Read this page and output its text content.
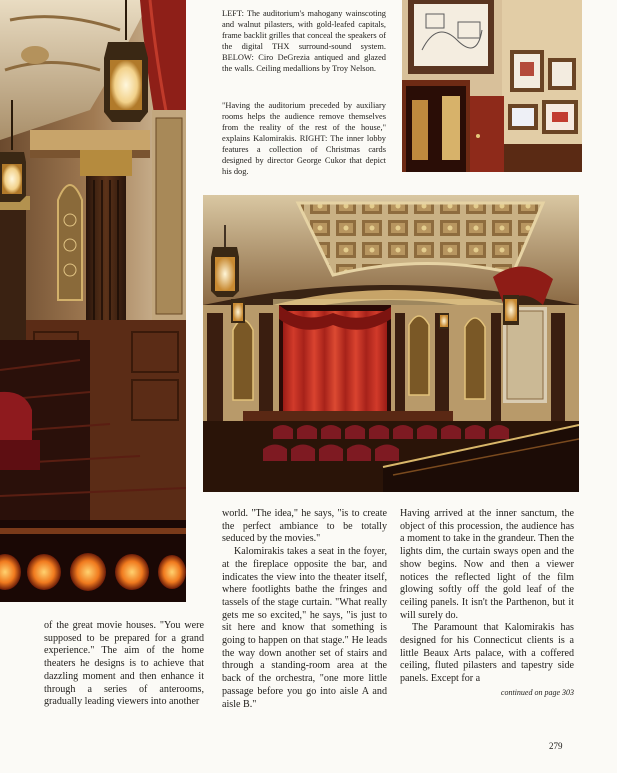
LEFT: The auditorium's mahogany wainscoting and walnut pilasters, with gold-leafed capitals, frame backlit grilles that conceal the speakers of the digital THX surround-sound system. BELOW: Ciro DeGrezia antiqued and glazed the walls. Ceiling medallions by Troy Nelson.

"Having the auditorium preceded by auxiliary rooms helps the audience remove themselves from the reality of the rest of the house," explains Kalomirakis. RIGHT: The inner lobby features a collection of Christmas cards designed by director George Cukor that depict his dog.

of the great movie houses. "You were supposed to be prepared for a grand experience." The aim of the home theaters he designs is to achieve that dazzling moment and then enhance it through a series of anterooms, gradually leading viewers into another

world. "The idea," he says, "is to create the perfect ambiance to be totally seduced by the movies."

Kalomirakis takes a seat in the foyer, at the fireplace opposite the bar, and indicates the view into the theater itself, where footlights bathe the fringes and tassels of the stage curtain. "What really gets me so excited," he says, "is just to sit here and know that something is going to happen on that stage." He leads the way down another set of stairs and through a standing-room area at the back of the orchestra, "one more little passage before you go into aisle A and aisle B."

Having arrived at the inner sanctum, the object of this procession, the audience has a moment to take in the grandeur. Then the lights dim, the curtain sways open and the show begins. Now and then a viewer notices the reflected light of the film glowing softly off the gold leaf of the ceiling panels. It isn't the Parthenon, but it will surely do.

The Paramount that Kalomirakis has designed for his Connecticut clients is a little Beaux Arts palace, with a coffered ceiling, fluted pilasters and tapestry side panels. Except for a

continued on page 303
279
